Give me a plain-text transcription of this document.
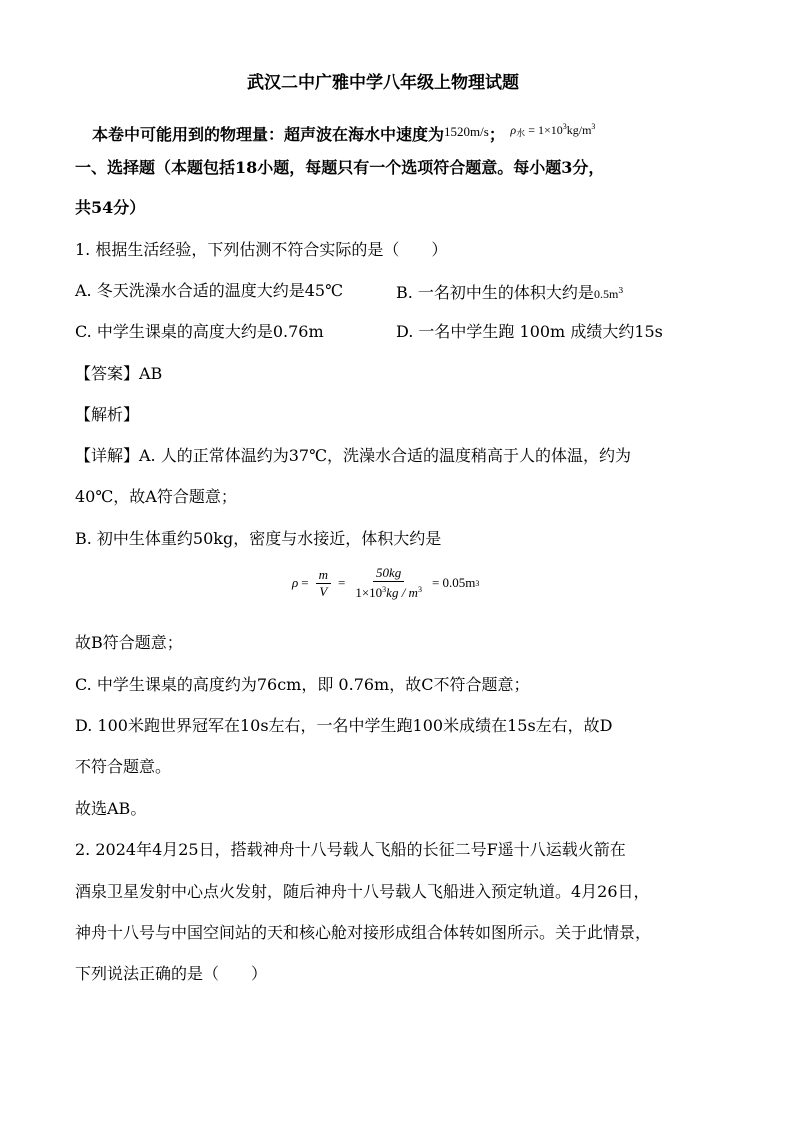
武汉二中广雅中学八年级上物理试题
本卷中可能用到的物理量：超声波在海水中速度为$^{1520m/s}$； $^{\rho_水 = 1\times 10^3kg/m^3}$
一、选择题（本题包括18小题，每题只有一个选项符合题意。每小题3分，
共54分）
1. 根据生活经验，下列估测不符合实际的是（　　）
A. 冬天洗澡水合适的温度大约是45℃	B. 一名初中生的体积大约是$0.5m^3$
C. 中学生课桌的高度大约是0.76m	D. 一名中学生跑 100m 成绩大约15s
【答案】AB
【解析】
【详解】A. 人的正常体温约为37℃，洗澡水合适的温度稍高于人的体温，约为
40℃，故A符合题意；
B. 初中生体重约50kg，密度与水接近，体积大约是
$\rho = \frac{m}{V} = \frac{50kg}{1\times 10^3kg / m^3} = 0.05m$ 3
故B符合题意；
C. 中学生课桌的高度约为76cm，即 0.76m，故C不符合题意；
D. 100米跑世界冠军在10s左右，一名中学生跑100米成绩在15s左右，故D
不符合题意。
故选AB。
2. 2024年4月25日，搭载神舟十八号载人飞船的长征二号F遥十八运载火箭在
酒泉卫星发射中心点火发射，随后神舟十八号载人飞船进入预定轨道。4月26日，
神舟十八号与中国空间站的天和核心舱对接形成组合体转如图所示。关于此情景，
下列说法正确的是（　　）
